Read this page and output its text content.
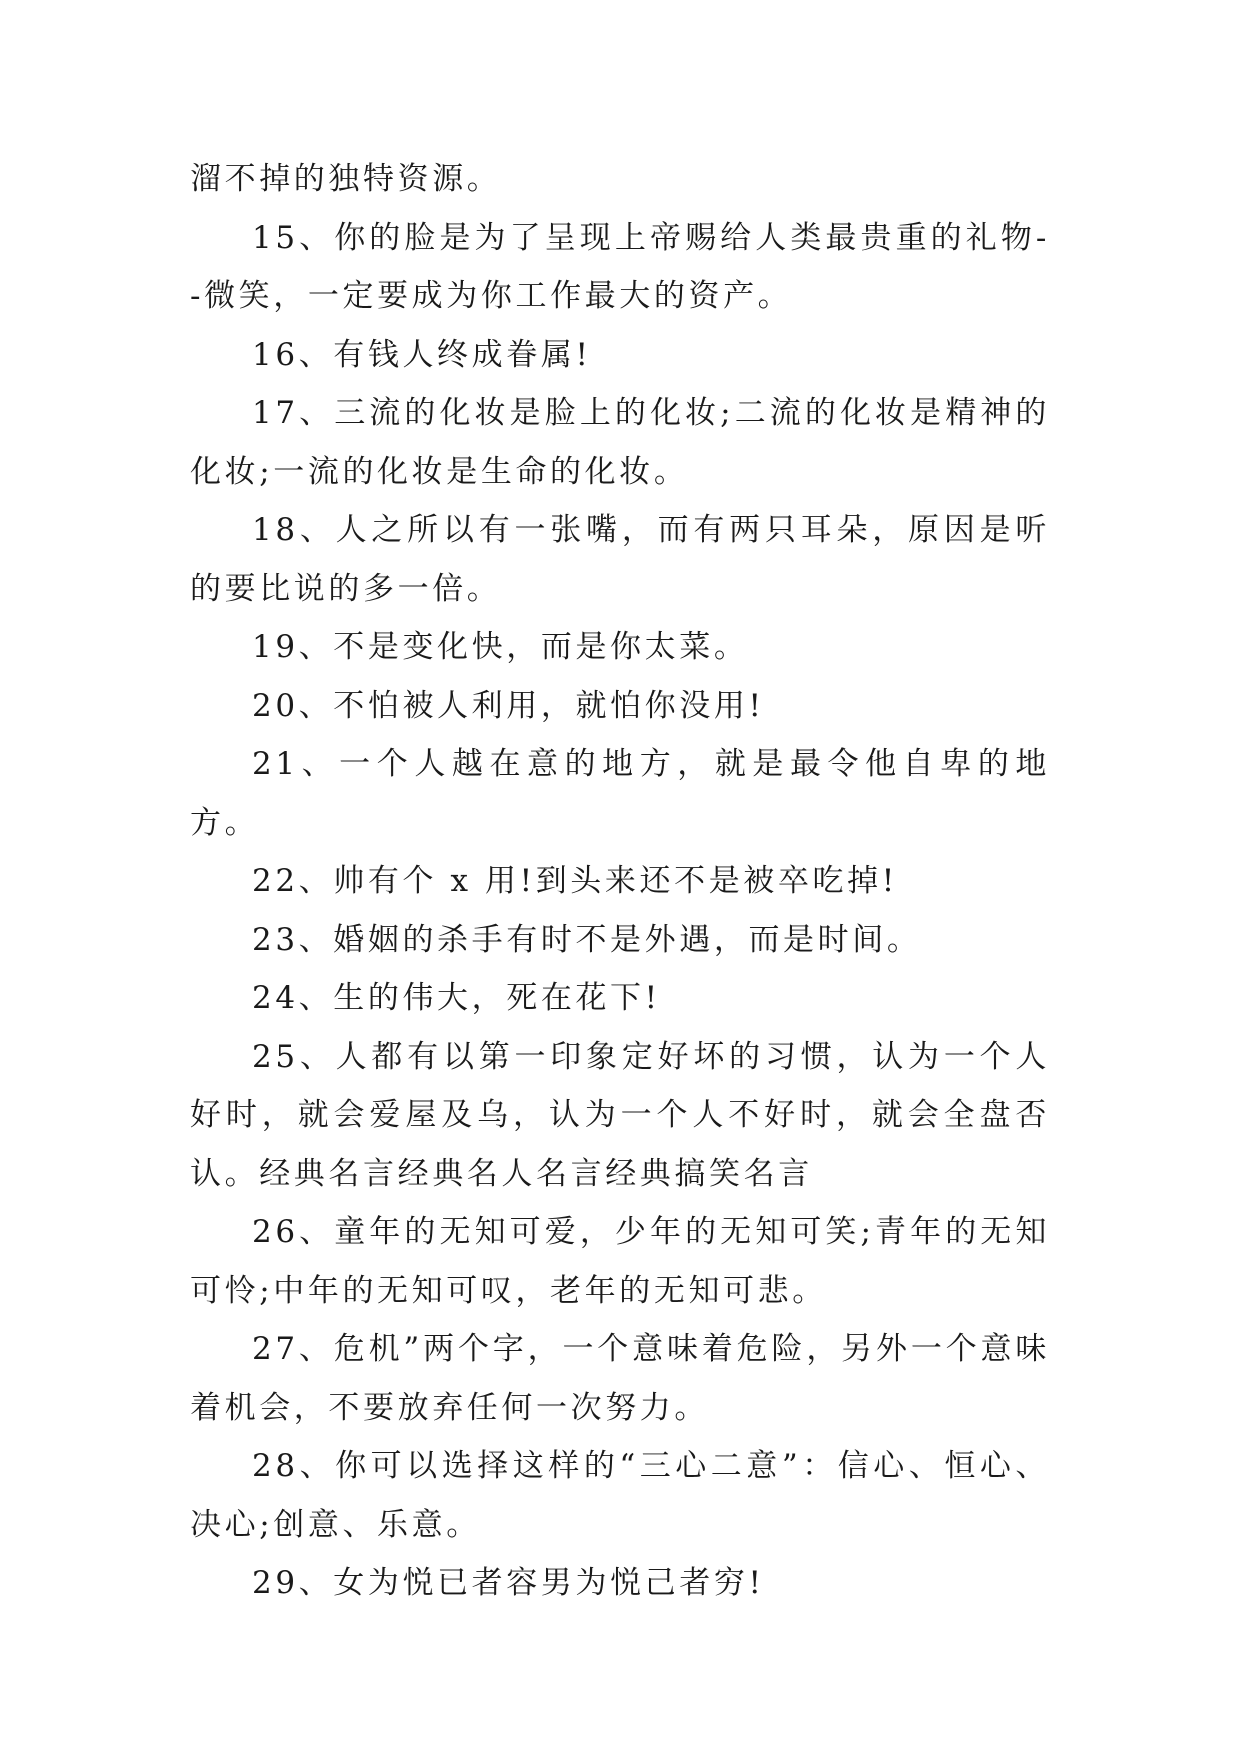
溜不掉的独特资源。

15、你的脸是为了呈现上帝赐给人类最贵重的礼物--微笑，一定要成为你工作最大的资产。

16、有钱人终成眷属!

17、三流的化妆是脸上的化妆;二流的化妆是精神的化妆;一流的化妆是生命的化妆。

18、人之所以有一张嘴，而有两只耳朵，原因是听的要比说的多一倍。

19、不是变化快，而是你太菜。

20、不怕被人利用，就怕你没用!

21、一个人越在意的地方，就是最令他自卑的地方。

22、帅有个 x 用!到头来还不是被卒吃掉!

23、婚姻的杀手有时不是外遇，而是时间。

24、生的伟大，死在花下!

25、人都有以第一印象定好坏的习惯，认为一个人好时，就会爱屋及乌，认为一个人不好时，就会全盘否认。经典名言经典名人名言经典搞笑名言

26、童年的无知可爱，少年的无知可笑;青年的无知可怜;中年的无知可叹，老年的无知可悲。

27、危机”两个字，一个意味着危险，另外一个意味着机会，不要放弃任何一次努力。

28、你可以选择这样的“三心二意”：信心、恒心、决心;创意、乐意。

29、女为悦已者容男为悦己者穷!
